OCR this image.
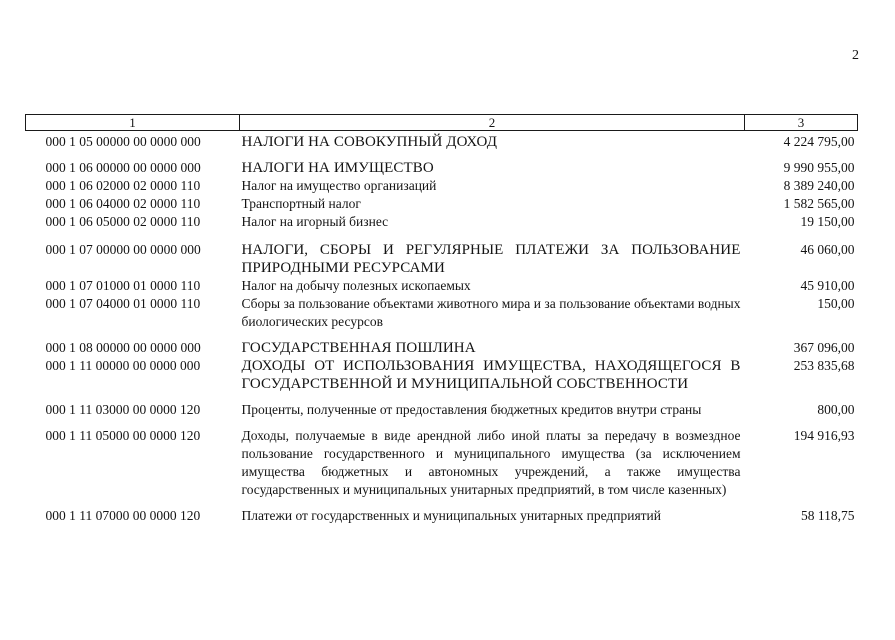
2
1	2	3
000 1 05 00000 00 0000 000	НАЛОГИ НА СОВОКУПНЫЙ ДОХОД	4 224 795,00
000 1 06 00000 00 0000 000	НАЛОГИ НА ИМУЩЕСТВО	9 990 955,00
000 1 06 02000 02 0000 110	Налог на имущество организаций	8 389 240,00
000 1 06 04000 02 0000 110	Транспортный налог	1 582 565,00
000 1 06 05000 02 0000 110	Налог на игорный бизнес	19 150,00
000 1 07 00000 00 0000 000	НАЛОГИ, СБОРЫ И РЕГУЛЯРНЫЕ ПЛАТЕЖИ ЗА ПОЛЬЗОВАНИЕ ПРИРОДНЫМИ РЕСУРСАМИ	46 060,00
000 1 07 01000 01 0000 110	Налог на добычу полезных ископаемых	45 910,00
000 1 07 04000 01 0000 110	Сборы за пользование объектами животного мира и за пользование объектами водных биологических ресурсов	150,00
000 1 08 00000 00 0000 000	ГОСУДАРСТВЕННАЯ ПОШЛИНА	367 096,00
000 1 11 00000 00 0000 000	ДОХОДЫ ОТ ИСПОЛЬЗОВАНИЯ ИМУЩЕСТВА, НАХОДЯЩЕГОСЯ В ГОСУДАРСТВЕННОЙ И МУНИЦИПАЛЬНОЙ СОБСТВЕННОСТИ	253 835,68
000 1 11 03000 00 0000 120	Проценты, полученные от предоставления бюджетных кредитов внутри страны	800,00
000 1 11 05000 00 0000 120	Доходы, получаемые в виде арендной либо иной платы за передачу в возмездное пользование государственного и муниципального имущества (за исключением имущества бюджетных и автономных учреждений, а также имущества государственных и муниципальных унитарных предприятий, в том числе казенных)	194 916,93
000 1 11 07000 00 0000 120	Платежи от государственных и муниципальных унитарных предприятий	58 118,75
